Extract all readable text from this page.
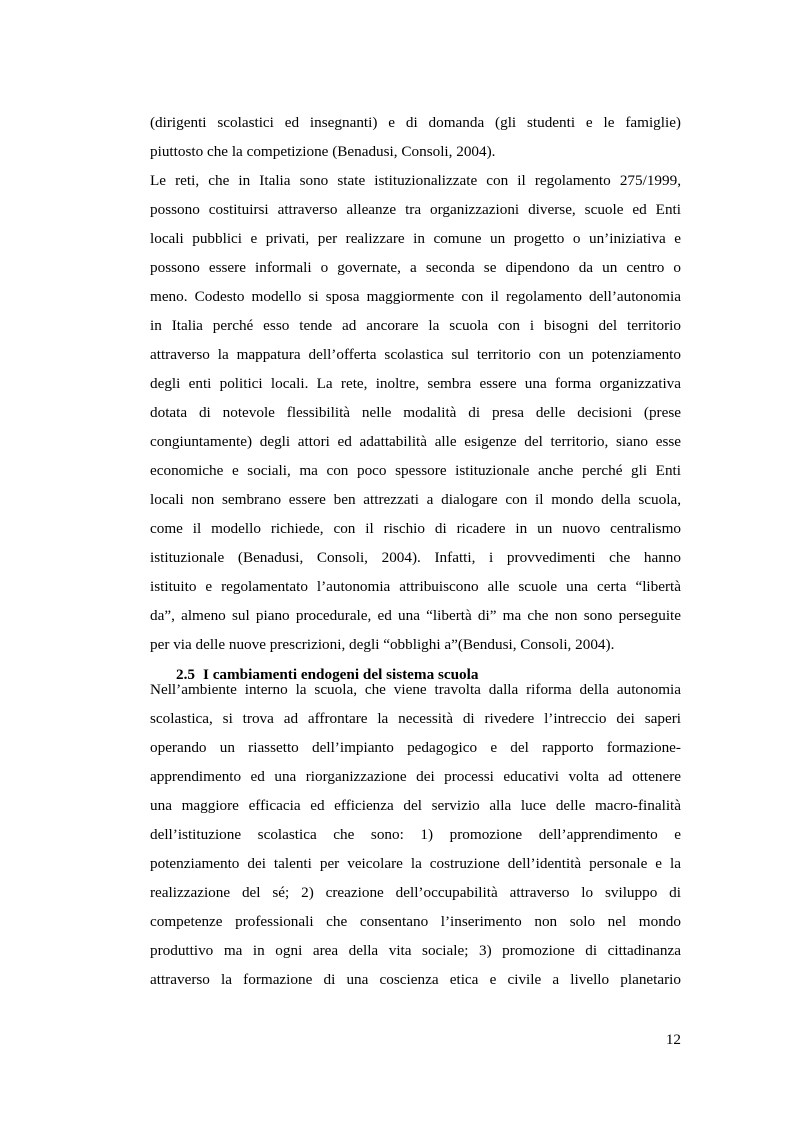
(dirigenti scolastici ed insegnanti) e di domanda (gli studenti e le famiglie)
piuttosto che la competizione (Benadusi, Consoli, 2004).
Le reti, che in Italia sono state istituzionalizzate con il regolamento 275/1999,
possono costituirsi attraverso alleanze tra organizzazioni diverse, scuole ed Enti
locali pubblici e privati, per realizzare in comune un progetto o un’iniziativa e
possono essere informali o governate, a seconda se dipendono da un centro o
meno. Codesto modello si sposa maggiormente con il regolamento dell’autonomia
in Italia perché esso tende ad ancorare la scuola con i bisogni del territorio
attraverso la mappatura dell’offerta scolastica sul territorio con un potenziamento
degli enti politici locali. La rete, inoltre, sembra essere una forma organizzativa
dotata di notevole flessibilità nelle modalità di presa delle decisioni (prese
congiuntamente) degli attori ed adattabilità alle esigenze del territorio, siano esse
economiche e sociali, ma con poco spessore istituzionale anche perché gli Enti
locali non sembrano essere ben attrezzati a dialogare con il mondo della scuola,
come il modello richiede, con il rischio di ricadere in un nuovo centralismo
istituzionale (Benadusi, Consoli, 2004). Infatti, i provvedimenti che hanno
istituito e regolamentato l’autonomia attribuiscono alle scuole una certa “libertà
da”, almeno sul piano procedurale, ed una “libertà di” ma che non sono perseguite
per via delle nuove prescrizioni, degli “obblighi a”(Bendusi, Consoli, 2004).
2.5 I cambiamenti endogeni del sistema scuola
Nell’ambiente interno la scuola, che viene travolta dalla riforma della autonomia
scolastica, si trova ad affrontare la necessità di rivedere l’intreccio dei saperi
operando un riassetto dell’impianto pedagogico e del rapporto formazione-
apprendimento ed una riorganizzazione dei processi educativi volta ad ottenere
una maggiore efficacia ed efficienza del servizio alla luce delle macro-finalità
dell’istituzione scolastica che sono: 1) promozione dell’apprendimento e
potenziamento dei talenti per veicolare la costruzione dell’identità personale e la
realizzazione del sé; 2) creazione dell’occupabilità attraverso lo sviluppo di
competenze professionali che consentano l’inserimento non solo nel mondo
produttivo ma in ogni area della vita sociale; 3) promozione di cittadinanza
attraverso la formazione di una coscienza etica e civile a livello planetario
12
